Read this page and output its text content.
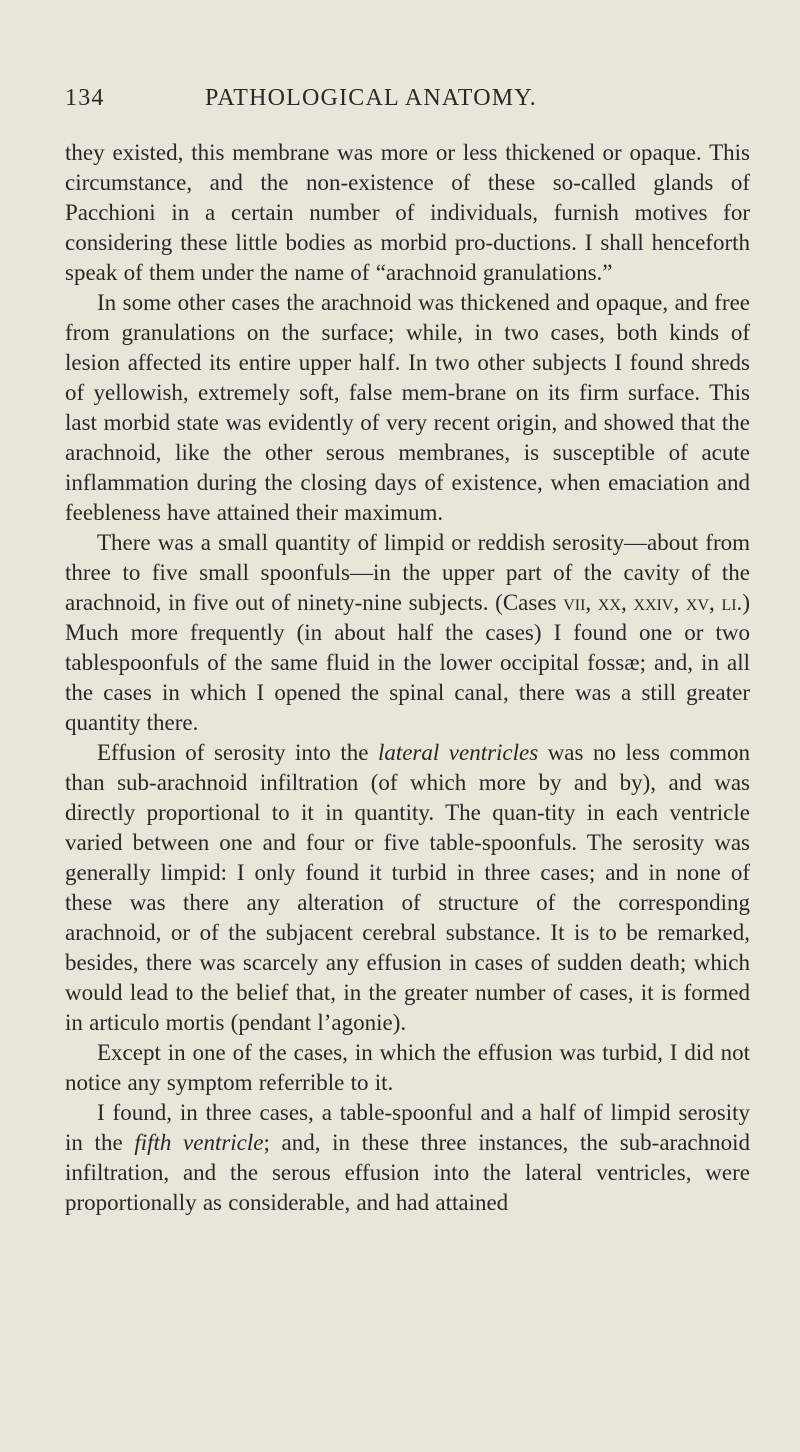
134	PATHOLOGICAL ANATOMY.

they existed, this membrane was more or less thickened or opaque. This circumstance, and the non-existence of these so-called glands of Pacchioni in a certain number of individuals, furnish motives for considering these little bodies as morbid pro-ductions. I shall henceforth speak of them under the name of “arachnoid granulations.”

In some other cases the arachnoid was thickened and opaque, and free from granulations on the surface; while, in two cases, both kinds of lesion affected its entire upper half. In two other subjects I found shreds of yellowish, extremely soft, false mem-brane on its firm surface. This last morbid state was evidently of very recent origin, and showed that the arachnoid, like the other serous membranes, is susceptible of acute inflammation during the closing days of existence, when emaciation and feebleness have attained their maximum.

There was a small quantity of limpid or reddish serosity—about from three to five small spoonfuls—in the upper part of the cavity of the arachnoid, in five out of ninety-nine subjects. (Cases vii, xx, xxiv, xv, li.) Much more frequently (in about half the cases) I found one or two tablespoonfuls of the same fluid in the lower occipital fossæ; and, in all the cases in which I opened the spinal canal, there was a still greater quantity there.

Effusion of serosity into the lateral ventricles was no less common than sub-arachnoid infiltration (of which more by and by), and was directly proportional to it in quantity. The quan-tity in each ventricle varied between one and four or five table-spoonfuls. The serosity was generally limpid: I only found it turbid in three cases; and in none of these was there any alteration of structure of the corresponding arachnoid, or of the subjacent cerebral substance. It is to be remarked, besides, there was scarcely any effusion in cases of sudden death; which would lead to the belief that, in the greater number of cases, it is formed in articulo mortis (pendant l’agonie).

Except in one of the cases, in which the effusion was turbid, I did not notice any symptom referrible to it.

I found, in three cases, a table-spoonful and a half of limpid serosity in the fifth ventricle; and, in these three instances, the sub-arachnoid infiltration, and the serous effusion into the lateral ventricles, were proportionally as considerable, and had attained
